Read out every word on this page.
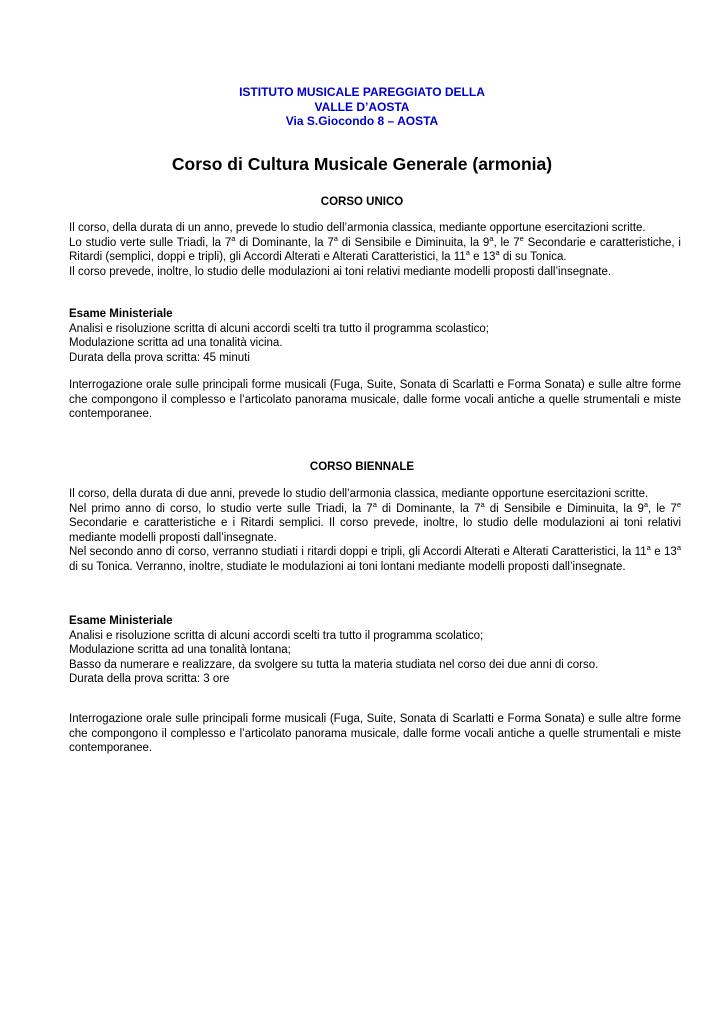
ISTITUTO MUSICALE PAREGGIATO DELLA
VALLE D’AOSTA
Via S.Giocondo 8 – AOSTA
Corso di Cultura Musicale Generale (armonia)
CORSO UNICO

Il corso, della durata di un anno, prevede lo studio dell’armonia classica, mediante opportune esercitazioni scritte.

Lo studio verte sulle Triadi, la 7$^a$ di Dominante, la 7$^a$ di Sensibile e Diminuita, la 9$^a$, le 7e Secondarie e caratteristiche, i Ritardi (semplici, doppi e tripli), gli Accordi Alterati e Alterati Caratteristici, la 11$^a$ e 13$^a$ di su Tonica.

Il corso prevede, inoltre, lo studio delle modulazioni ai toni relativi mediante modelli proposti dall’insegnate.

Esame Ministeriale

Analisi e risoluzione scritta di alcuni accordi scelti tra tutto il programma scolastico;

Modulazione scritta ad una tonalità vicina.

Durata della prova scritta: 45 minuti

Interrogazione orale sulle principali forme musicali (Fuga, Suite, Sonata di Scarlatti e Forma Sonata) e sulle altre forme che compongono il complesso e l’articolato panorama musicale, dalle forme vocali antiche a quelle strumentali e miste contemporanee.
CORSO BIENNALE

Il corso, della durata di due anni, prevede lo studio dell’armonia classica, mediante opportune esercitazioni scritte.

Nel primo anno di corso, lo studio verte sulle Triadi, la 7$^a$ di Dominante, la 7$^a$ di Sensibile e Diminuita, la 9$^a$, le 7e Secondarie e caratteristiche e i Ritardi semplici. Il corso prevede, inoltre, lo studio delle modulazioni ai toni relativi mediante modelli proposti dall’insegnate.

Nel secondo anno di corso, verranno studiati i ritardi doppi e tripli, gli Accordi Alterati e Alterati Caratteristici, la 11$^a$ e 13$^a$ di su Tonica. Verranno, inoltre, studiate le modulazioni ai toni lontani mediante modelli proposti dall’insegnate.

Esame Ministeriale

Analisi e risoluzione scritta di alcuni accordi scelti tra tutto il programma scolatico;

Modulazione scritta ad una tonalità lontana;

Basso da numerare e realizzare, da svolgere su tutta la materia studiata nel corso dei due anni di corso.

Durata della prova scritta: 3 ore

Interrogazione orale sulle principali forme musicali (Fuga, Suite, Sonata di Scarlatti e Forma Sonata) e sulle altre forme che compongono il complesso e l’articolato panorama musicale, dalle forme vocali antiche a quelle strumentali e miste contemporanee.
